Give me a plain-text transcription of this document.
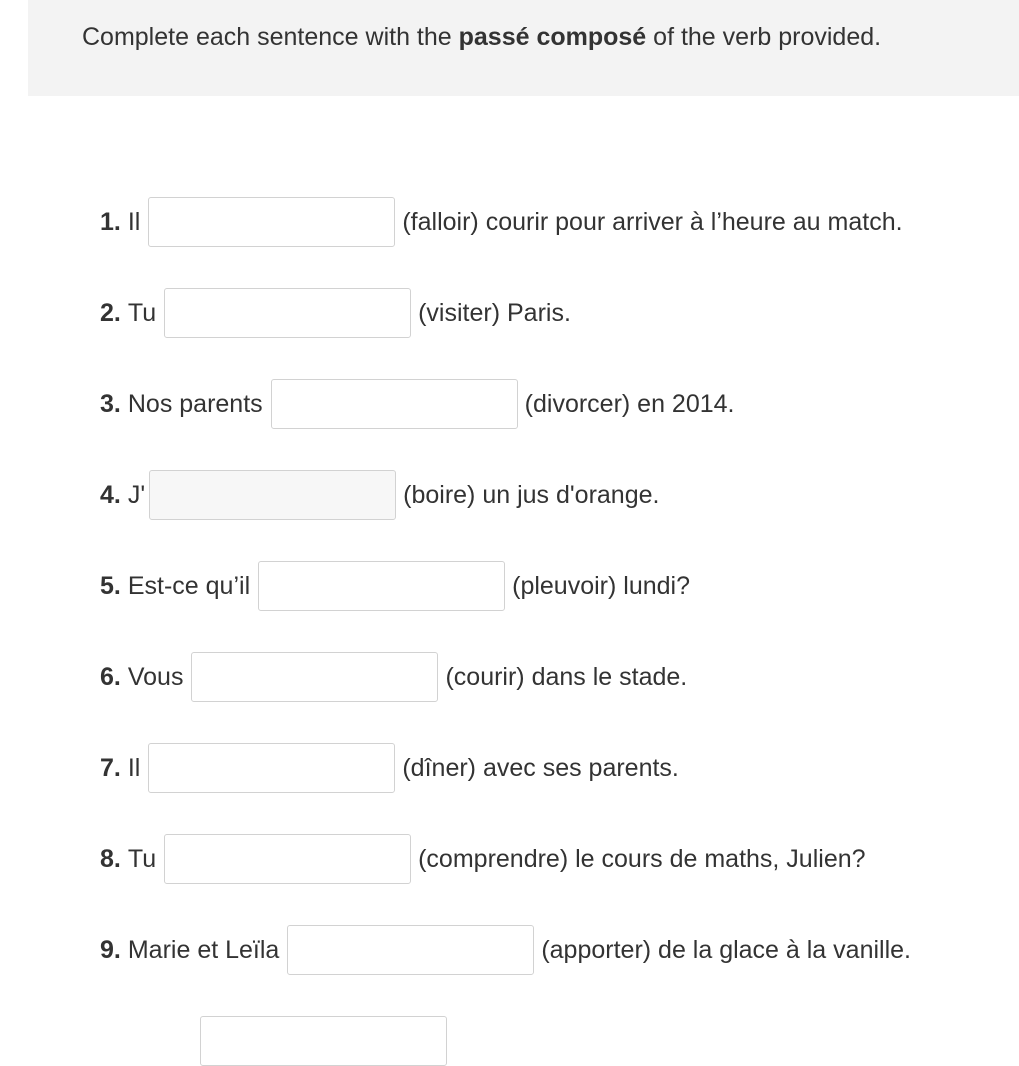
Complete each sentence with the passé composé of the verb provided.
1. Il	(falloir) courir pour arriver à l’heure au match.
2. Tu	(visiter) Paris.
3. Nos parents	(divorcer) en 2014.
4. J'	(boire) un jus d'orange.
5. Est-ce qu’il	(pleuvoir) lundi?
6. Vous	(courir) dans le stade.
7. Il	(dîner) avec ses parents.
8. Tu	(comprendre) le cours de maths, Julien?
9. Marie et Leïla	(apporter) de la glace à la vanille.
